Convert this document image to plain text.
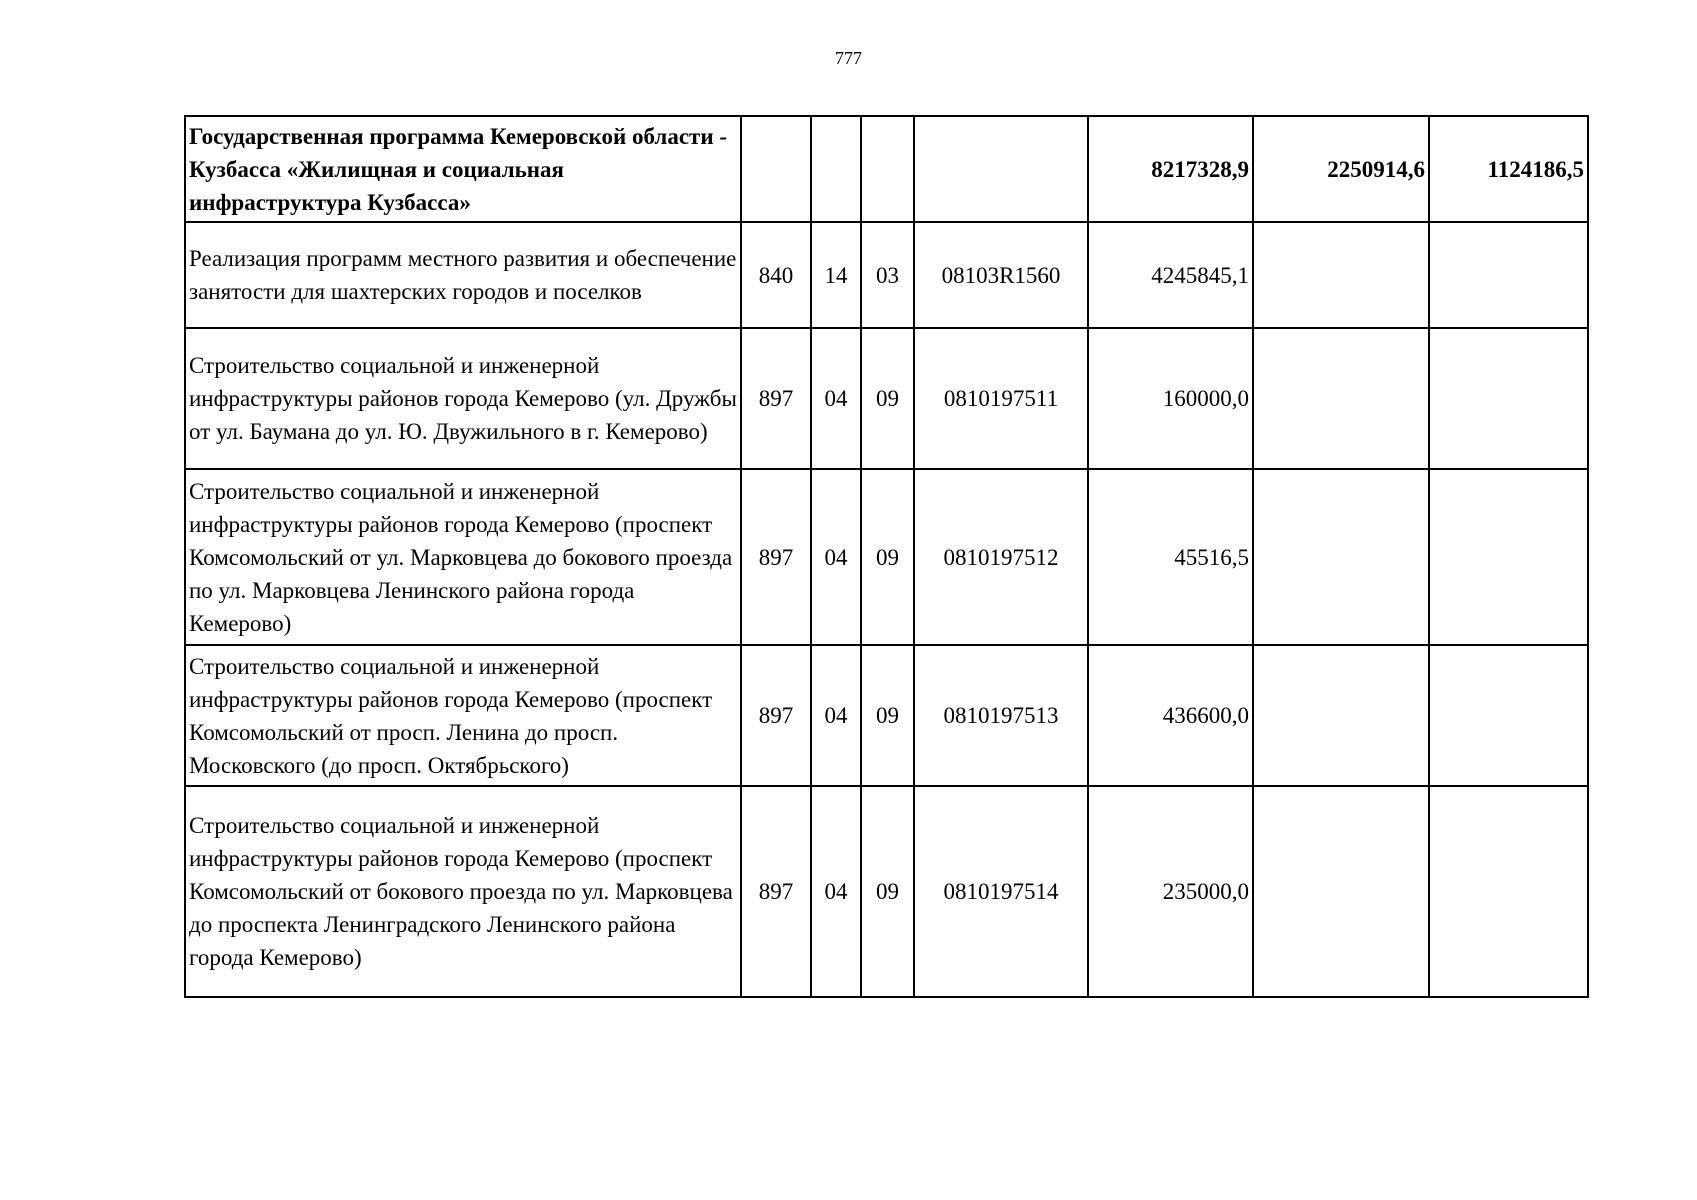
777
Государственная программа Кемеровской области - Кузбасса «Жилищная и социальная инфраструктура Кузбасса»					8217328,9	2250914,6	1124186,5
Реализация программ местного развития и обеспечение занятости для шахтерских городов и поселков	840	14	03	08103R1560	4245845,1		
Строительство социальной и инженерной инфраструктуры районов города Кемерово (ул. Дружбы от ул. Баумана до ул. Ю. Двужильного в г. Кемерово)	897	04	09	0810197511	160000,0		
Строительство социальной и инженерной инфраструктуры районов города Кемерово (проспект Комсомольский от ул. Марковцева до бокового проезда по ул. Марковцева Ленинского района города Кемерово)	897	04	09	0810197512	45516,5		
Строительство социальной и инженерной инфраструктуры районов города Кемерово (проспект Комсомольский от просп. Ленина до просп. Московского (до просп. Октябрьского)	897	04	09	0810197513	436600,0		
Строительство социальной и инженерной инфраструктуры районов города Кемерово (проспект Комсомольский от бокового проезда по ул. Марковцева до проспекта Ленинградского Ленинского района города Кемерово)	897	04	09	0810197514	235000,0		
